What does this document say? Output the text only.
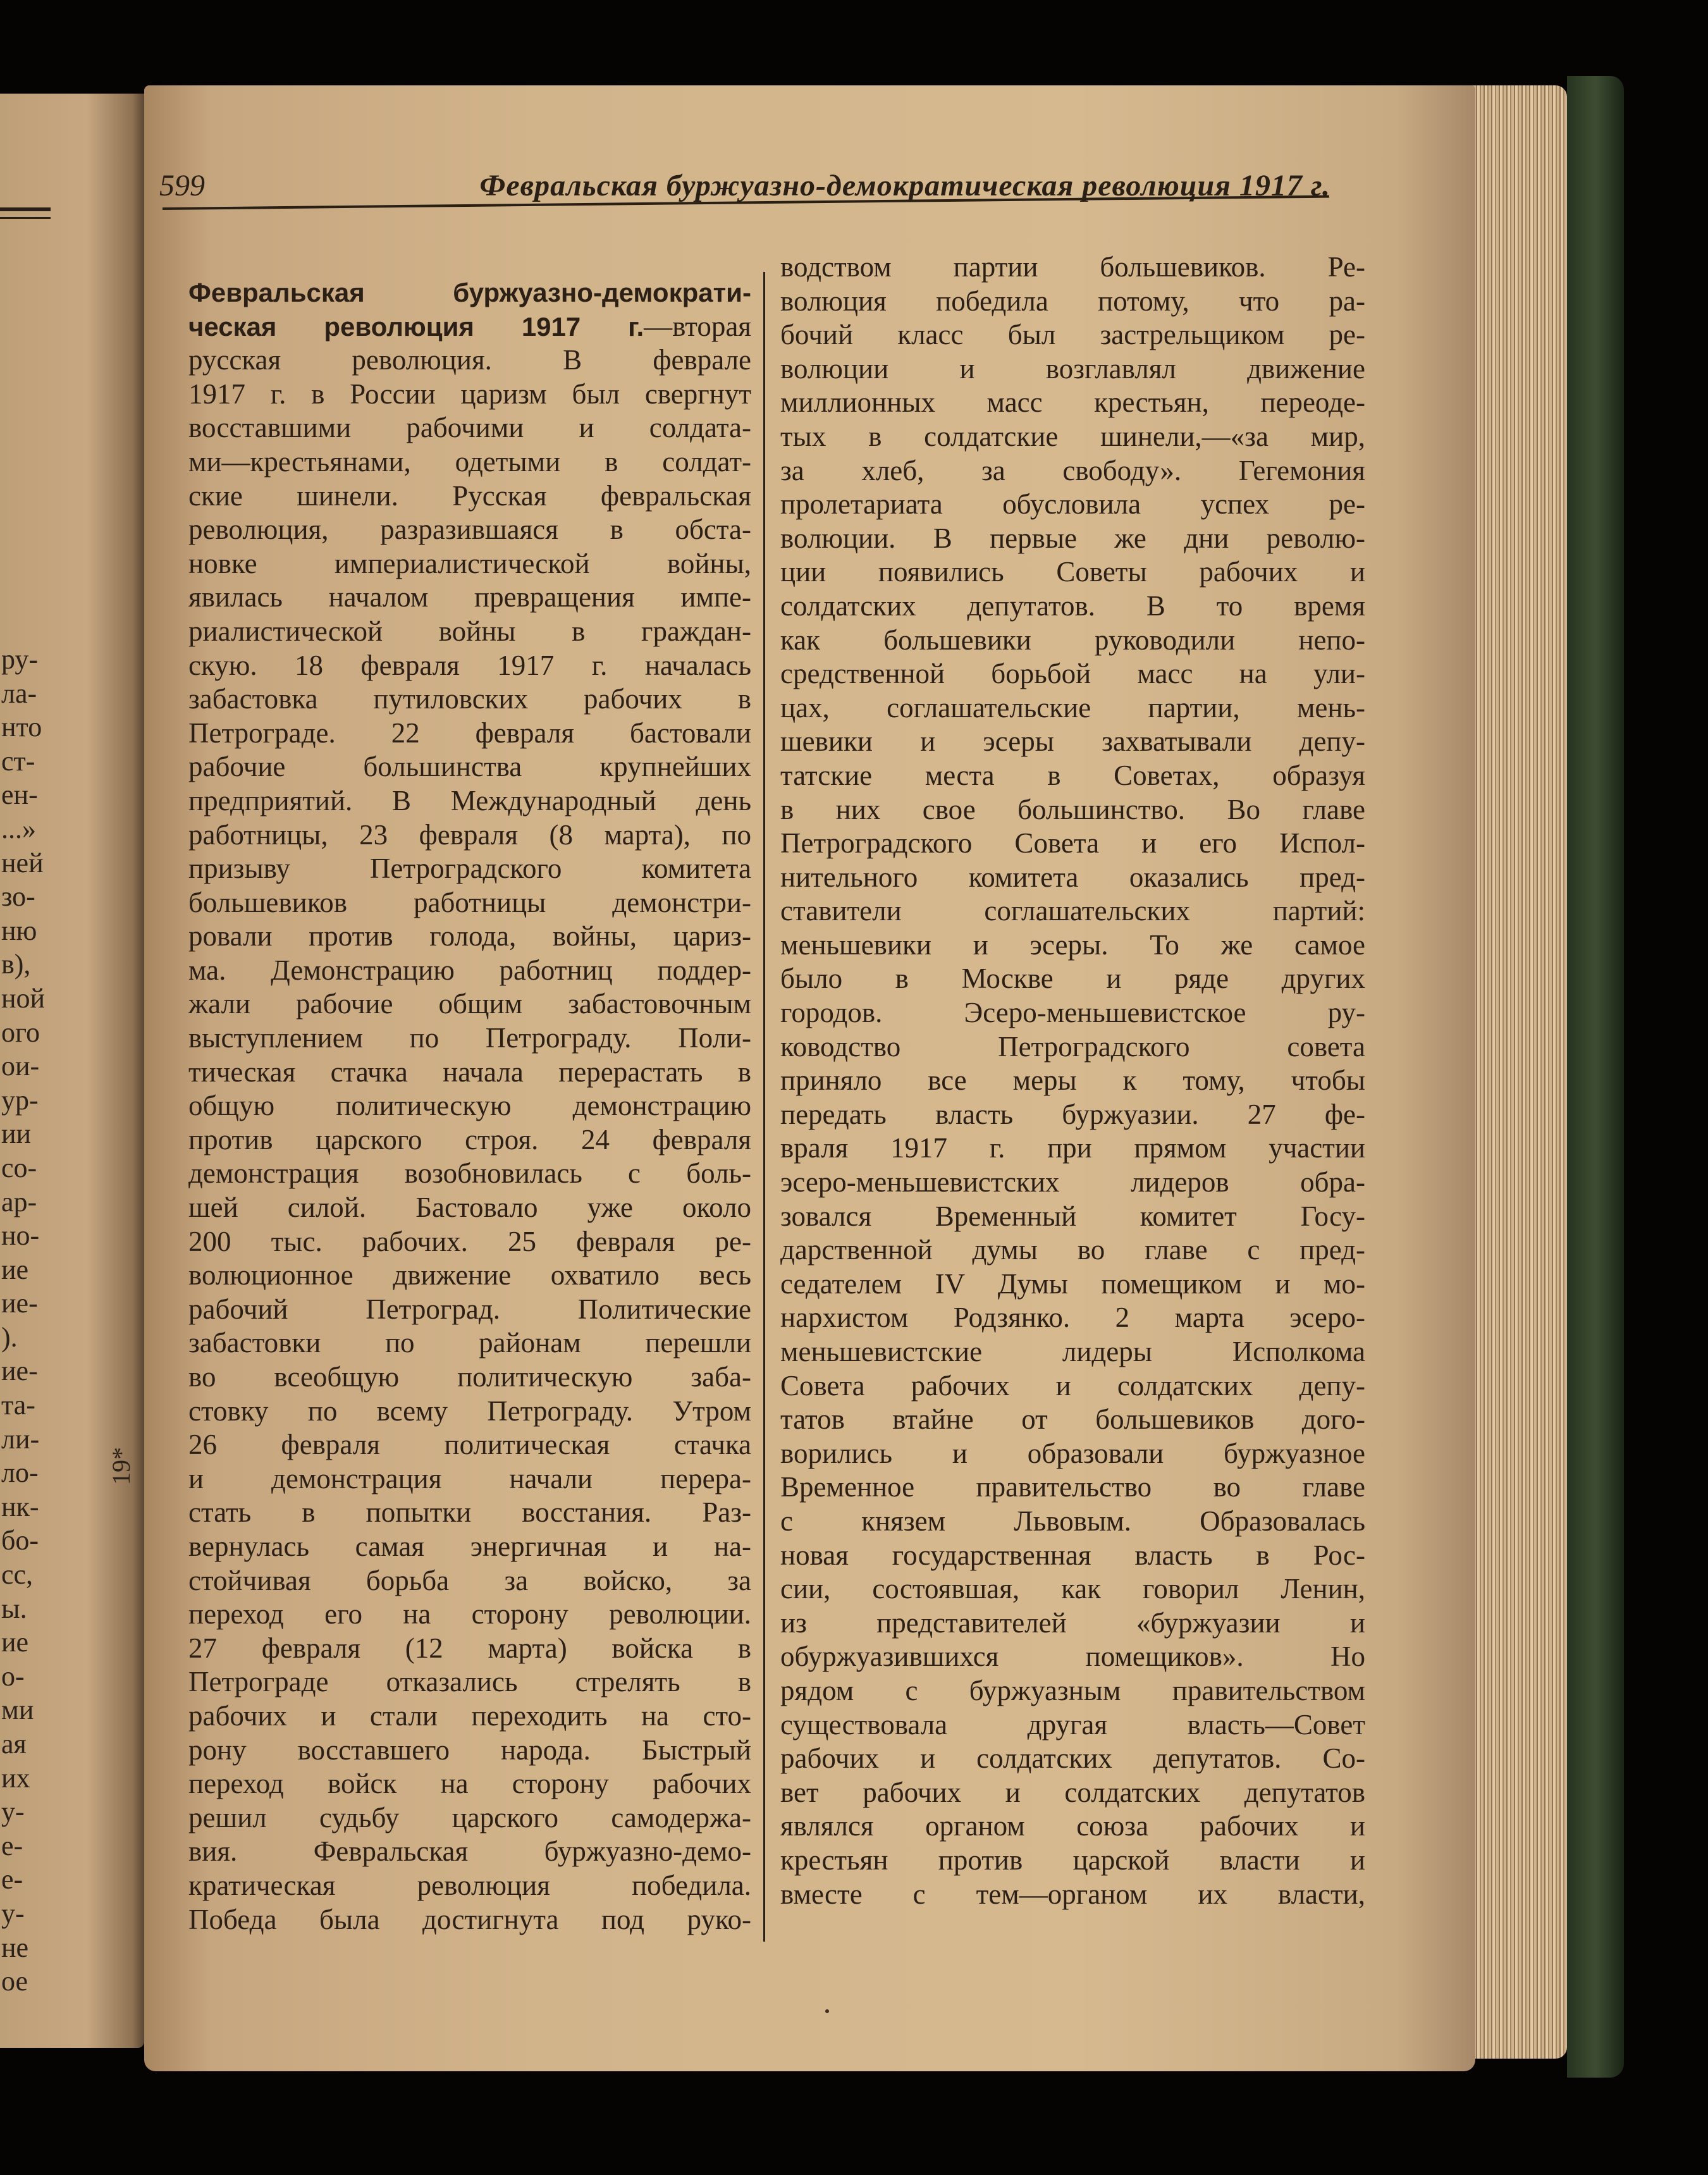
ру-
ла-
нто
ст-
ен-
...»
ней
зо-
ню
в),
ной
ого
ои-
ур-
ии
со-
ар-
но-
ие
ие-
).
ие-
та-
ли-
ло-
нк-
бо-
сс,
ы.
ие
о-
ми
ая
их
у-
е-
е-
у-
не
ое
19*
599	Февральская буржуазно-демократическая революция 1917 г.
Февральская буржуазно-демократи-
ческая революция 1917 г.—вторая
русская революция. В феврале
1917 г. в России царизм был свергнут
восставшими рабочими и солдата-
ми—крестьянами, одетыми в солдат-
ские шинели. Русская февральская
революция, разразившаяся в обста-
новке империалистической войны,
явилась началом превращения импе-
риалистической войны в граждан-
скую. 18 февраля 1917 г. началась
забастовка путиловских рабочих в
Петрограде. 22 февраля бастовали
рабочие большинства крупнейших
предприятий. В Международный день
работницы, 23 февраля (8 марта), по
призыву Петроградского комитета
большевиков работницы демонстри-
ровали против голода, войны, цариз-
ма. Демонстрацию работниц поддер-
жали рабочие общим забастовочным
выступлением по Петрограду. Поли-
тическая стачка начала перерастать в
общую политическую демонстрацию
против царского строя. 24 февраля
демонстрация возобновилась с боль-
шей силой. Бастовало уже около
200 тыс. рабочих. 25 февраля ре-
волюционное движение охватило весь
рабочий Петроград. Политические
забастовки по районам перешли
во всеобщую политическую заба-
стовку по всему Петрограду. Утром
26 февраля политическая стачка
и демонстрация начали перера-
стать в попытки восстания. Раз-
вернулась самая энергичная и на-
стойчивая борьба за войско, за
переход его на сторону революции.
27 февраля (12 марта) войска в
Петрограде отказались стрелять в
рабочих и стали переходить на сто-
рону восставшего народа. Быстрый
переход войск на сторону рабочих
решил судьбу царского самодержа-
вия. Февральская буржуазно-демо-
кратическая революция победила.
Победа была достигнута под руко-
водством партии большевиков. Ре-
волюция победила потому, что ра-
бочий класс был застрельщиком ре-
волюции и возглавлял движение
миллионных масс крестьян, переоде-
тых в солдатские шинели,—«за мир,
за хлеб, за свободу». Гегемония
пролетариата обусловила успех ре-
волюции. В первые же дни револю-
ции появились Советы рабочих и
солдатских депутатов. В то время
как большевики руководили непо-
средственной борьбой масс на ули-
цах, соглашательские партии, мень-
шевики и эсеры захватывали депу-
татские места в Советах, образуя
в них свое большинство. Во главе
Петроградского Совета и его Испол-
нительного комитета оказались пред-
ставители соглашательских партий:
меньшевики и эсеры. То же самое
было в Москве и ряде других
городов. Эсеро-меньшевистское ру-
ководство Петроградского совета
приняло все меры к тому, чтобы
передать власть буржуазии. 27 фе-
враля 1917 г. при прямом участии
эсеро-меньшевистских лидеров обра-
зовался Временный комитет Госу-
дарственной думы во главе с пред-
седателем IV Думы помещиком и мо-
нархистом Родзянко. 2 марта эсеро-
меньшевистские лидеры Исполкома
Совета рабочих и солдатских депу-
татов втайне от большевиков дого-
ворились и образовали буржуазное
Временное правительство во главе
с князем Львовым. Образовалась
новая государственная власть в Рос-
сии, состоявшая, как говорил Ленин,
из представителей «буржуазии и
обуржуазившихся помещиков». Но
рядом с буржуазным правительством
существовала другая власть—Совет
рабочих и солдатских депутатов. Со-
вет рабочих и солдатских депутатов
являлся органом союза рабочих и
крестьян против царской власти и
вместе с тем—органом их власти,
